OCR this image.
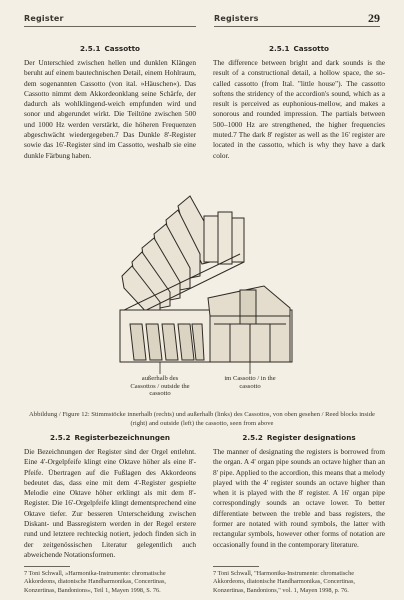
Register	Registers	29

2.5.1 Cassotto

Der Unterschied zwischen hellen und dunklen Klängen beruht auf einem bautechnischen Detail, einem Hohlraum, dem sogenannten Cassotto (von ital. »Häuschen«). Das Cassotto nimmt dem Akkordeonklang seine Schärfe, der dadurch als wohlklingend-weich empfunden wird und sonor und abgerundet wirkt. Die Teiltöne zwischen 500 und 1000 Hz werden verstärkt, die höheren Frequenzen abgeschwächt wiedergegeben.7 Das Dunkle 8'-Register sowie das 16'-Register sind im Cassotto, weshalb sie eine dunkle Färbung haben.

2.5.1 Cassotto

The difference between bright and dark sounds is the result of a constructional detail, a hollow space, the so-called cassotto (from Ital. "little house"). The cassotto softens the stridency of the accordion's sound, which as a result is perceived as euphonious-mellow, and makes a sonorous and rounded impression. The partials between 500–1000 Hz are strengthened, the higher frequencies muted.7 The dark 8' register as well as the 16' register are located in the cassotto, which is why they have a dark color.

außerhalb des Cassottos / outside the cassotto
im Cassotto / in the cassotto
Abbildung / Figure 12: Stimmstöcke innerhalb (rechts) und außerhalb (links) des Cassottos, von oben gesehen / Reed blocks inside (right) and outside (left) the cassotto, seen from above

2.5.2 Registerbezeichnungen

Die Bezeichnungen der Register sind der Orgel entlehnt. Eine 4'-Orgelpfeife klingt eine Oktave höher als eine 8'-Pfeife. Übertragen auf die Fußlagen des Akkordeons bedeutet das, dass eine mit dem 4'-Register gespielte Melodie eine Oktave höher erklingt als mit dem 8'-Register. Die 16'-Orgelpfeife klingt dementsprechend eine Oktave tiefer. Zur besseren Unterscheidung zwischen Diskant- und Bassregistern werden in der Regel erstere rund und letztere rechteckig notiert, jedoch finden sich in der zeitgenössischen Literatur gelegentlich auch abweichende Notationsformen.

2.5.2 Register designations

The manner of designating the registers is borrowed from the organ. A 4' organ pipe sounds an octave higher than an 8' pipe. Applied to the accordion, this means that a melody played with the 4' register sounds an octave higher than when it is played with the 8' register. A 16' organ pipe correspondingly sounds an octave lower. To better differentiate between the treble and bass registers, the former are notated with round symbols, the latter with rectangular symbols, however other forms of notation are occasionally found in the contemporary literature.

7 Toni Schwall, »Harmonika-Instrumente: chromatische Akkordeons, diatonische Handharmonikas, Concertinas, Konzertinas, Bandonions«, Teil 1, Mayen 1998, S. 76.
7 Toni Schwall, "Harmonika-Instrumente: chromatische Akkordeons, diatonische Handharmonikas, Concertinas, Konzertinas, Bandonions," vol. 1, Mayen 1998, p. 76.
